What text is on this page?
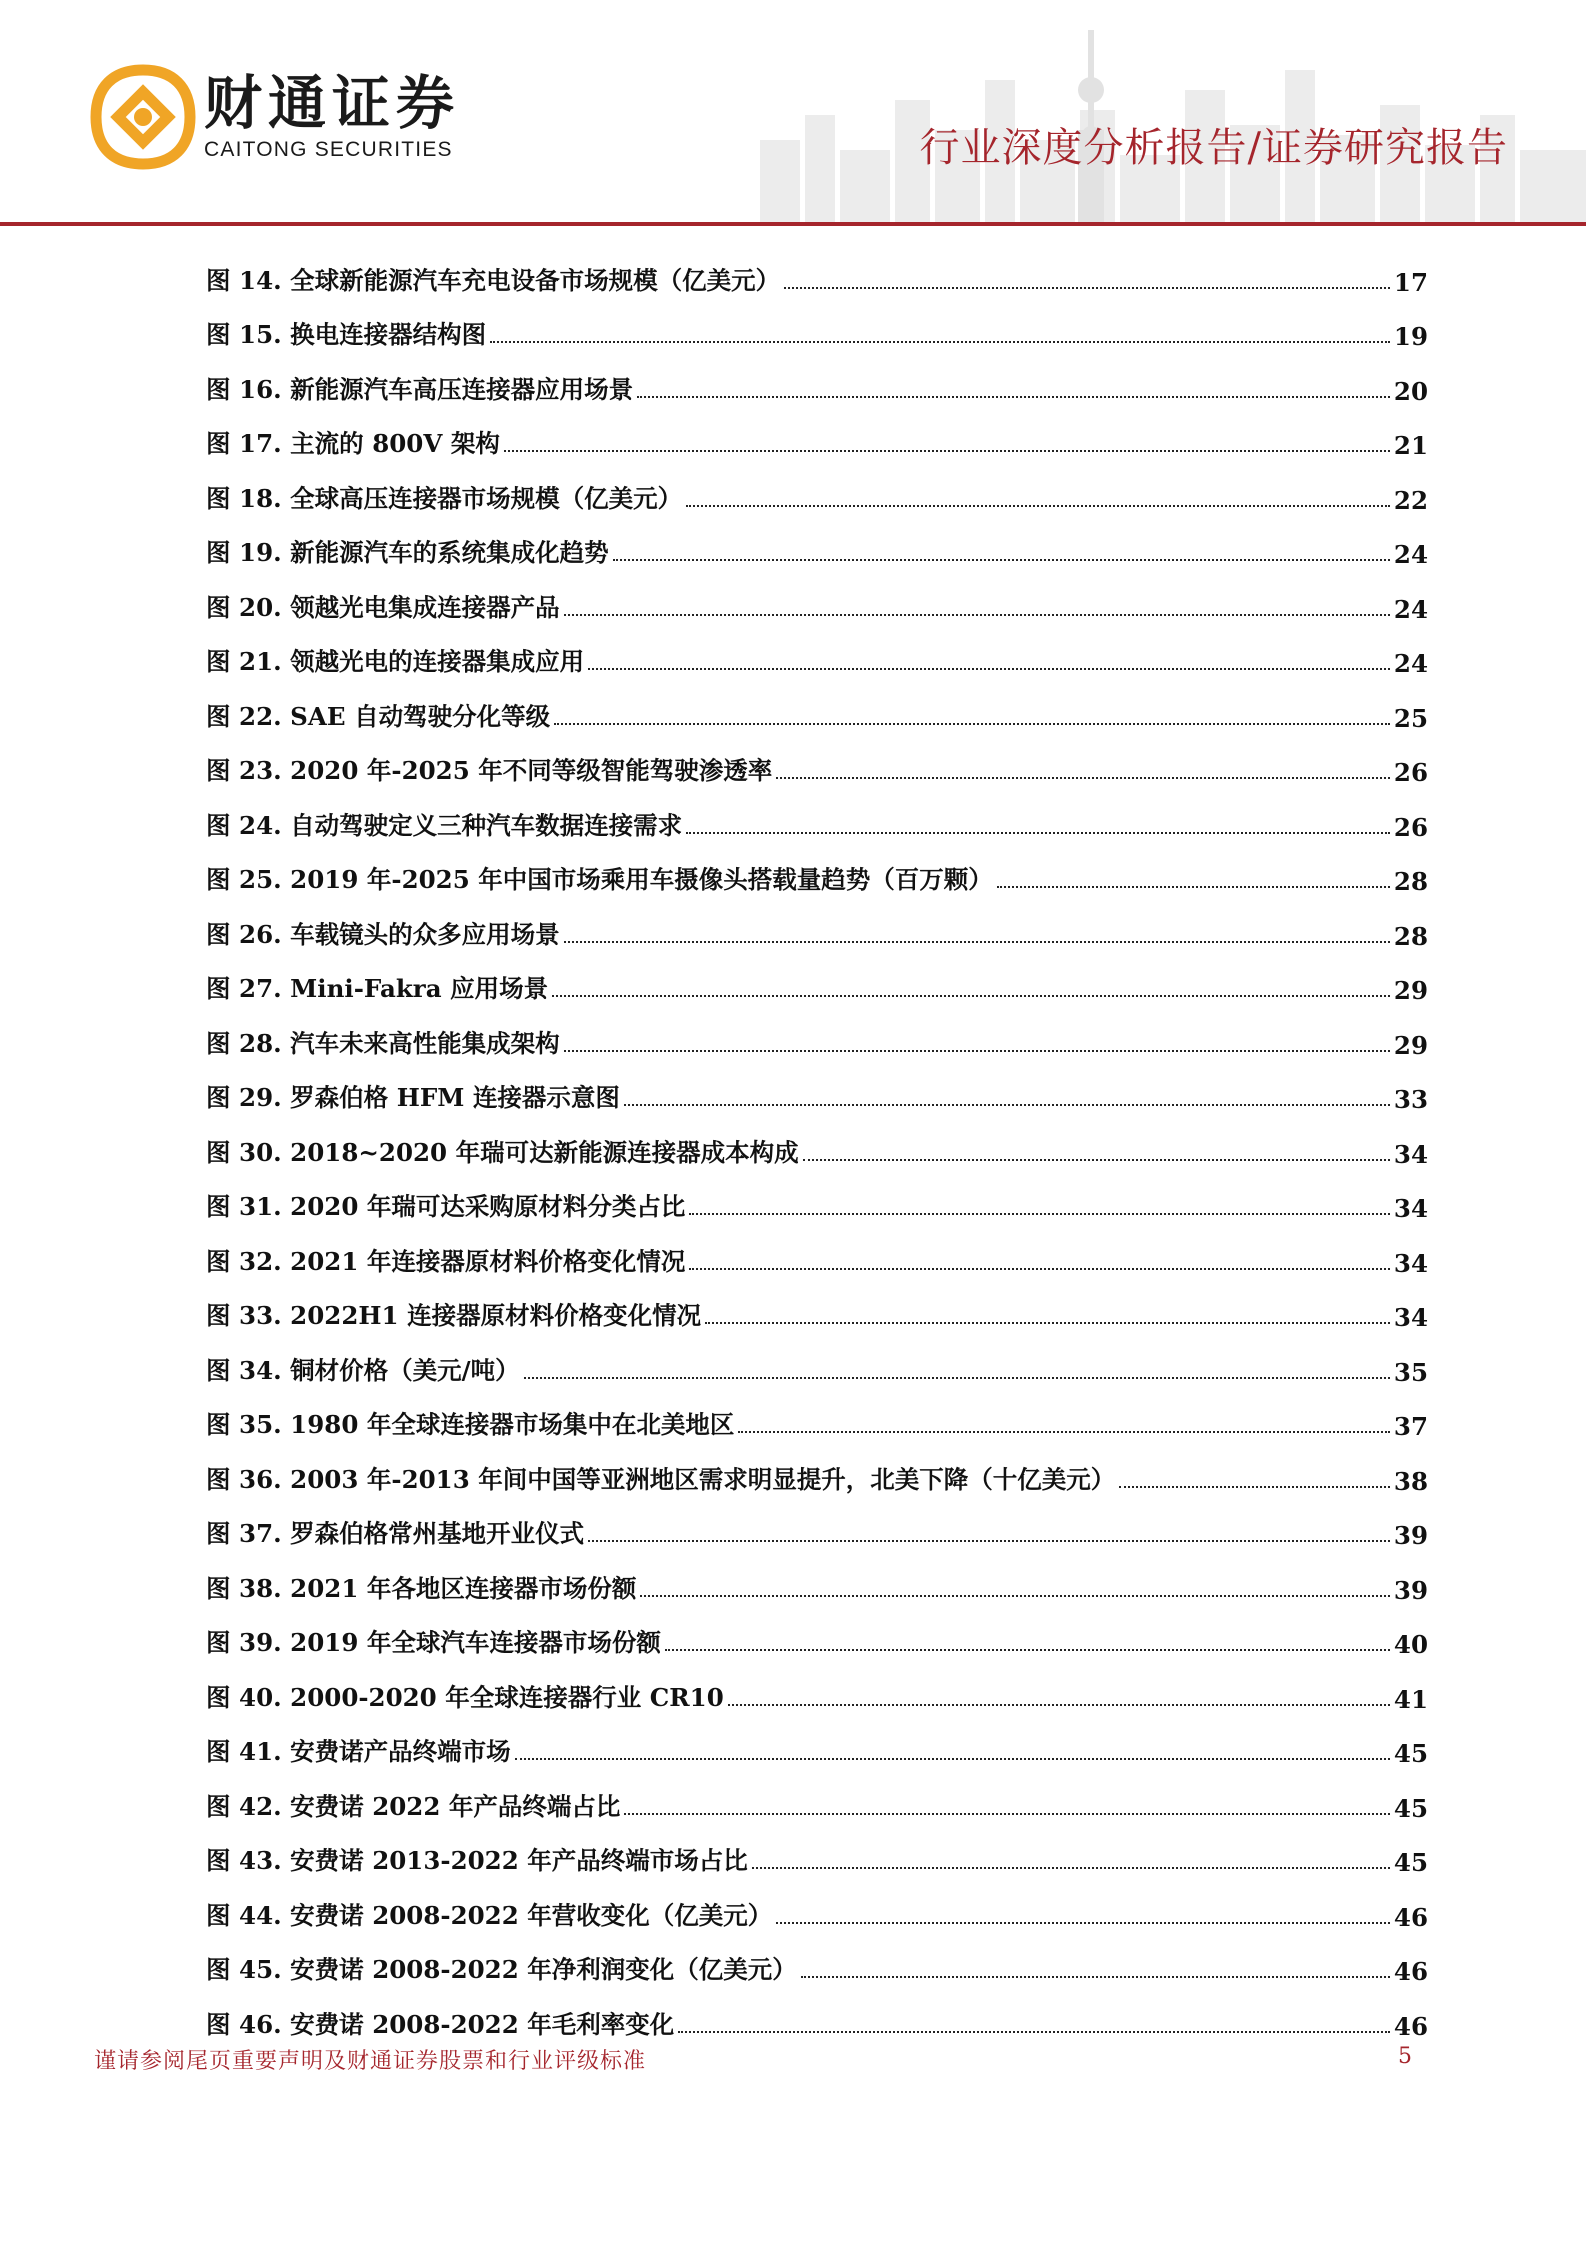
财通证券
CAITONG SECURITIES	行业深度分析报告/证券研究报告
图 14. 全球新能源汽车充电设备市场规模（亿美元）	17
图 15. 换电连接器结构图	19
图 16. 新能源汽车高压连接器应用场景	20
图 17. 主流的 800V 架构	21
图 18. 全球高压连接器市场规模（亿美元）	22
图 19. 新能源汽车的系统集成化趋势	24
图 20. 领越光电集成连接器产品	24
图 21. 领越光电的连接器集成应用	24
图 22. SAE 自动驾驶分化等级	25
图 23. 2020 年-2025 年不同等级智能驾驶渗透率	26
图 24. 自动驾驶定义三种汽车数据连接需求	26
图 25. 2019 年-2025 年中国市场乘用车摄像头搭载量趋势（百万颗）	28
图 26. 车载镜头的众多应用场景	28
图 27. Mini-Fakra 应用场景	29
图 28. 汽车未来高性能集成架构	29
图 29. 罗森伯格 HFM 连接器示意图	33
图 30. 2018~2020 年瑞可达新能源连接器成本构成	34
图 31. 2020 年瑞可达采购原材料分类占比	34
图 32. 2021 年连接器原材料价格变化情况	34
图 33. 2022H1 连接器原材料价格变化情况	34
图 34. 铜材价格（美元/吨）	35
图 35. 1980 年全球连接器市场集中在北美地区	37
图 36. 2003 年-2013 年间中国等亚洲地区需求明显提升，北美下降（十亿美元）	38
图 37. 罗森伯格常州基地开业仪式	39
图 38. 2021 年各地区连接器市场份额	39
图 39. 2019 年全球汽车连接器市场份额	40
图 40. 2000-2020 年全球连接器行业 CR10	41
图 41. 安费诺产品终端市场	45
图 42. 安费诺 2022 年产品终端占比	45
图 43. 安费诺 2013-2022 年产品终端市场占比	45
图 44. 安费诺 2008-2022 年营收变化（亿美元）	46
图 45. 安费诺 2008-2022 年净利润变化（亿美元）	46
图 46. 安费诺 2008-2022 年毛利率变化	46
谨请参阅尾页重要声明及财通证券股票和行业评级标准	5
